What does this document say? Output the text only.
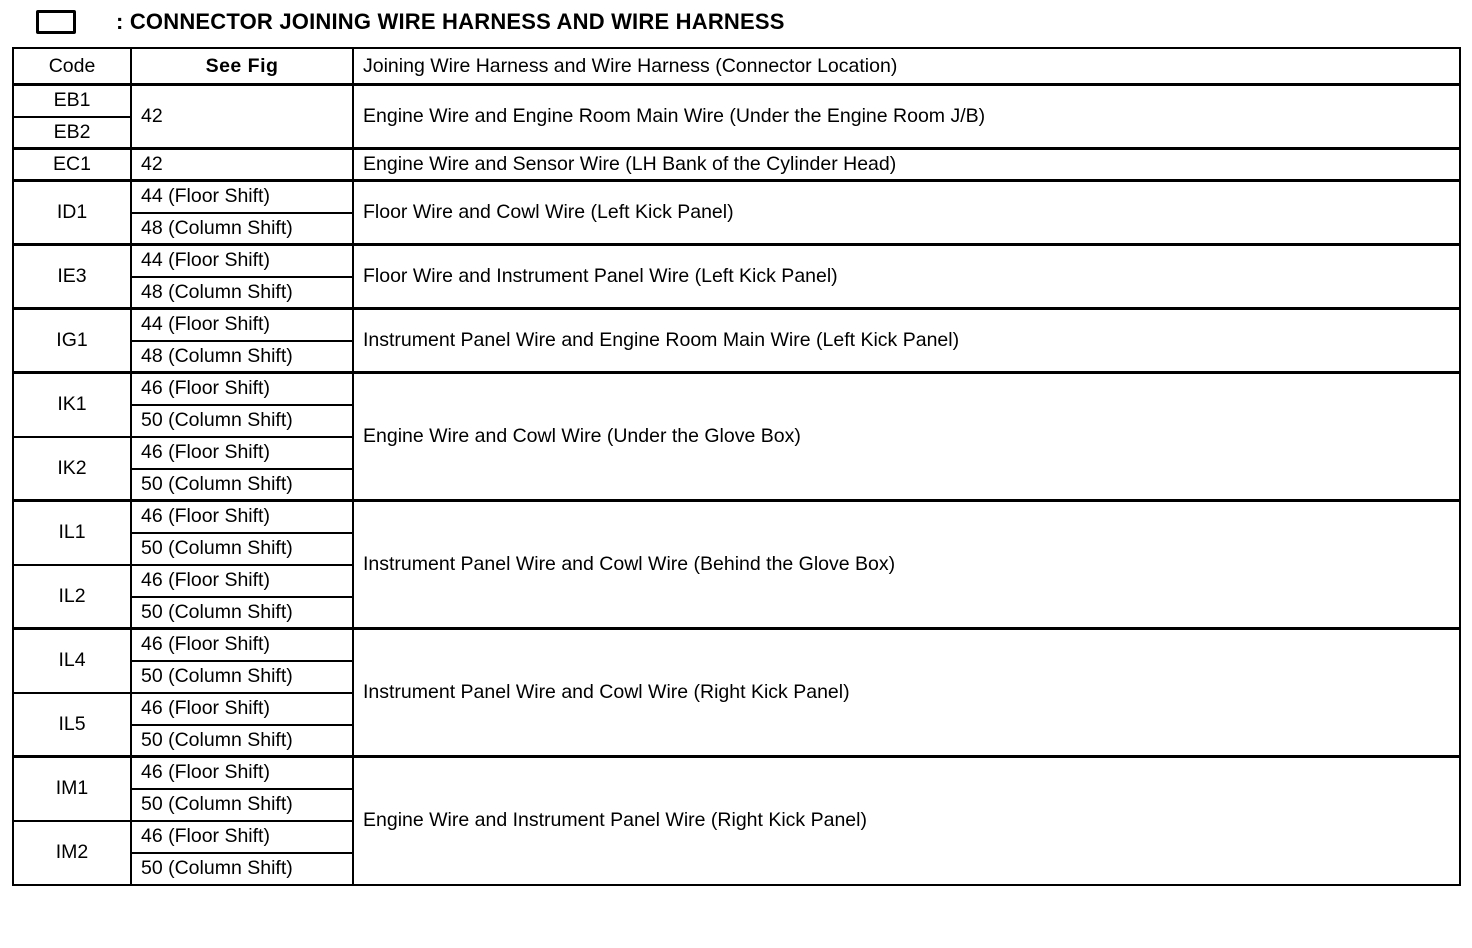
: CONNECTOR JOINING WIRE HARNESS AND WIRE HARNESS
Code	See Fig	Joining Wire Harness and Wire Harness (Connector Location)
EB1	42	Engine Wire and Engine Room Main Wire (Under the Engine Room J/B)
EB2		
EC1	42	Engine Wire and Sensor Wire (LH Bank of the Cylinder Head)
ID1	44 (Floor Shift)	Floor Wire and Cowl Wire (Left Kick Panel)
	48 (Column Shift)	
IE3	44 (Floor Shift)	Floor Wire and Instrument Panel Wire (Left Kick Panel)
	48 (Column Shift)	
IG1	44 (Floor Shift)	Instrument Panel Wire and Engine Room Main Wire (Left Kick Panel)
	48 (Column Shift)	
IK1	46 (Floor Shift)	Engine Wire and Cowl Wire (Under the Glove Box)
	50 (Column Shift)	
IK2	46 (Floor Shift)	
	50 (Column Shift)	
IL1	46 (Floor Shift)	Instrument Panel Wire and Cowl Wire (Behind the Glove Box)
	50 (Column Shift)	
IL2	46 (Floor Shift)	
	50 (Column Shift)	
IL4	46 (Floor Shift)	Instrument Panel Wire and Cowl Wire (Right Kick Panel)
	50 (Column Shift)	
IL5	46 (Floor Shift)	
	50 (Column Shift)	
IM1	46 (Floor Shift)	Engine Wire and Instrument Panel Wire (Right Kick Panel)
	50 (Column Shift)	
IM2	46 (Floor Shift)	
	50 (Column Shift)	
